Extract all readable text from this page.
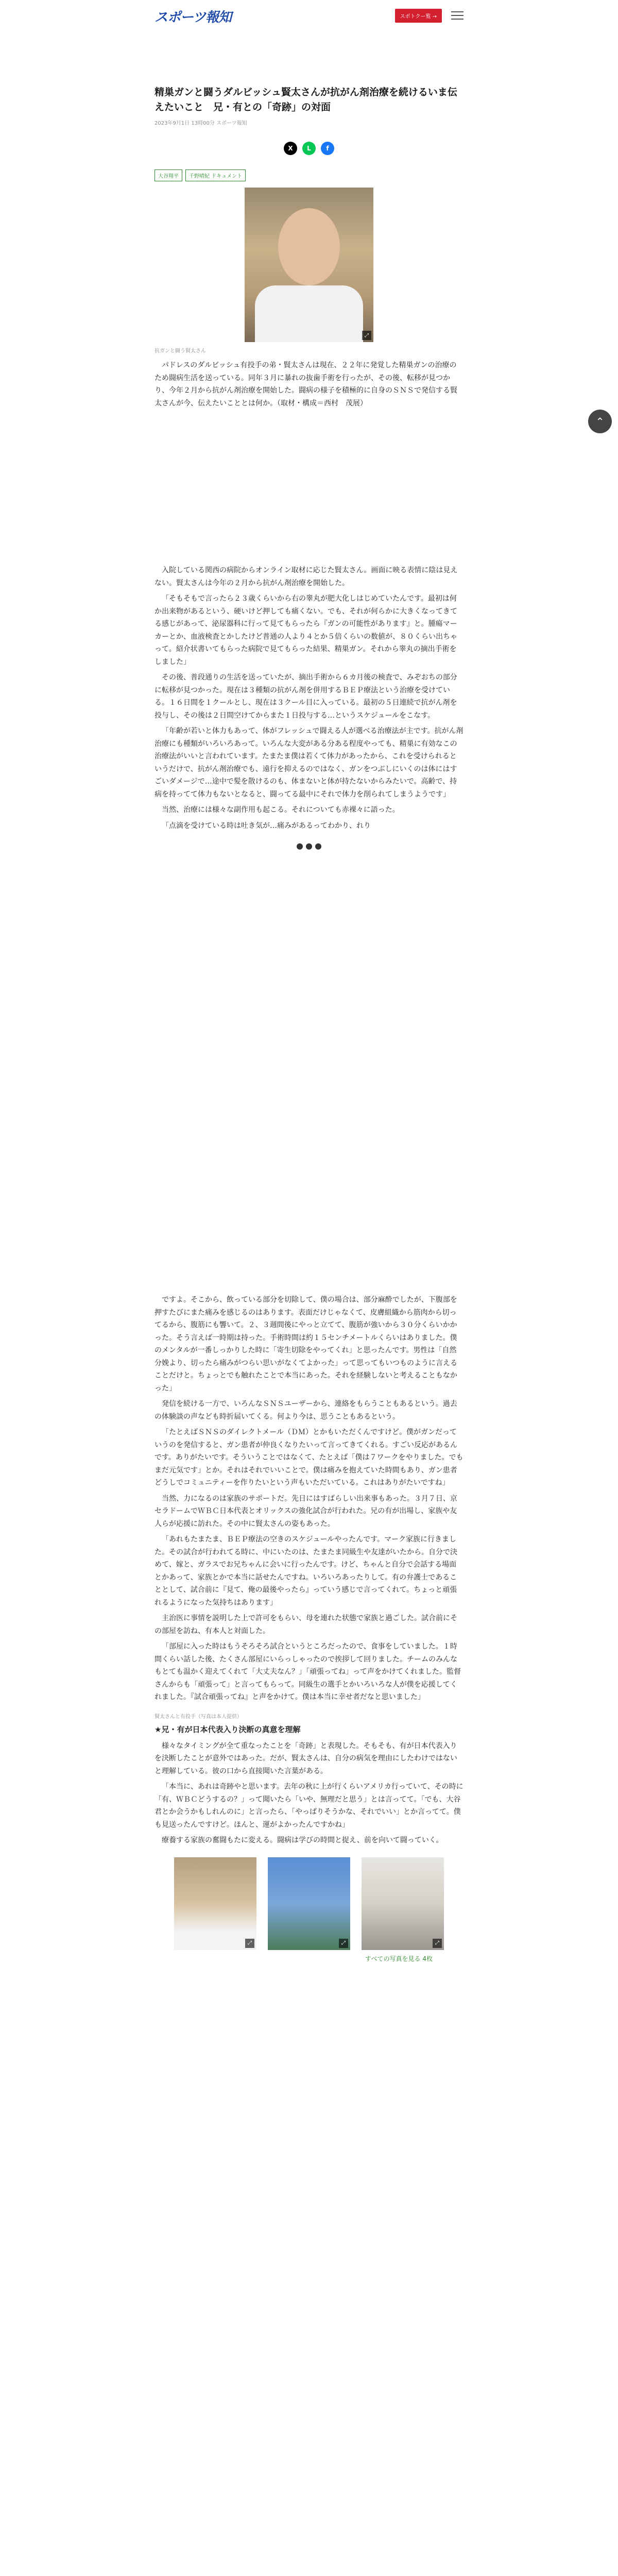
スポーツ報知	スポトクー覧 →
精巣ガンと闘うダルビッシュ賢太さんが抗がん剤治療を続けるいま伝えたいこと　兄・有との「奇跡」の対面
2023年9月1日 13時00分 スポーツ報知
X	L	f
大谷翔平	千野晴紀 ドキュメント
⤢
抗ガンと闘う賢太さん

パドレスのダルビッシュ有投手の弟・賢太さんは現在、２２年に発覚した精巣ガンの治療のため闘病生活を送っている。同年３月に暴れの抜歯手術を行ったが、その後、転移が見つかり、今年２月から抗がん剤治療を開始した。闘病の様子を積極的に自身のＳＮＳで発信する賢太さんが今、伝えたいこととは何か。（取材・構成＝西村　茂展）

入院している関西の病院からオンライン取材に応じた賢太さん。画面に映る表情に陰は見えない。賢太さんは今年の２月から抗がん剤治療を開始した。

「そもそもで言ったら２３歳くらいから右の睾丸が肥大化しはじめていたんです。最初は何か出来物があるという、硬いけど押しても痛くない。でも、それが何らかに大きくなってきてる感じがあって、泌尿器科に行って見てもらったら『ガンの可能性があります』と。腫瘍マーカーとか、血液検査とかしたけど普通の人より４とか５倍くらいの数値が、８０くらい出ちゃって。紹介状書いてもらった病院で見てもらった結果、精巣ガン。それから睾丸の摘出手術をしました」

その後、普段通りの生活を送っていたが、摘出手術から６カ月後の検査で、みぞおちの部分に転移が見つかった。現在は３種類の抗がん剤を併用するＢＥＰ療法という治療を受けている。１６日間を１クールとし、現在は３クール目に入っている。最初の５日連続で抗がん剤を投与し、その後は２日間空けてからまた１日投与する…というスケジュールをこなす。

「年齢が若いと体力もあって、体がフレッシュで闘える人が選べる治療法が主です。抗がん剤治療にも種類がいろいろあって。いろんな大変がある分ある程度やっても、精巣に有効なこの治療法がいいと言われています。たまたま僕は若くて体力があったから、これを受けられるというだけで、抗がん剤治療でも、遠行を抑えるのではなく、ガンをつぶしにいくのは体にはすごいダメージで…途中で髪を散けるのも、体まないと体が持たないからみたいで。高齢で、持病を持ってて体力もないとなると、闘ってる最中にそれで体力を削られてしまうようです」

当然、治療には様々な副作用も起こる。それについても赤裸々に語った。

「点滴を受けている時は吐き気が…痛みがあるってわかり、れり

ですよ。そこから、飲っている部分を切除して、僕の場合は、部分麻酔でしたが、下腹部を押すたびにまた痛みを感じるのはあります。表面だけじゃなくて、皮膚組織から筋肉から切ってるから、腹筋にも響いて。２、３週間後にやっと立てて、腹筋が強いから３０分くらいかかった。そう言えば一時期は持った。手術時間は約１５センチメートルくらいはありました。僕のメンタルが一番しっかりした時に「寄生切除をやってくれ」と思ったんです。男性は「自然分娩より、切ったら痛みがつらい思いがなくてよかった」って思ってもいつものように言えることだけと。ちょっとでも触れたことで本当にあった。それを経験しないと考えることもなかった」

発信を続ける一方で、いろんなＳＮＳユーザーから、連絡をもらうこともあるという。過去の体験談の声なども時折届いてくる。何より今は、思うこともあるという。

「たとえばＳＮＳのダイレクトメール（ＤＭ）とかもいただくんですけど。僕がガンだっていうのを発信すると、ガン患者が仲良くなりたいって言ってきてくれる。すごい反応があるんです。ありがたいです。そういうことではなくて、たとえば「僕は７ワークをやりました。でもまだ元気です」とか。それはそれでいいことで。僕は痛みを抱えていた時間もあり、ガン患者どうしでコミュニティーを作りたいという声もいただいている。これはありがたいですね」

当然、力になるのは家族のサポートだ。先日にはすばらしい出来事もあった。３月７日、京セラドームでＷＢＣ日本代表とオリックスの強化試合が行われた。兄の有が出場し、家族や友人らが応援に訪れた。その中に賢太さんの姿もあった。

「あれもたまたま、ＢＥＰ療法の空きのスケジュールやったんです。マーク家族に行きました。その試合が行われてる時に、中にいたのは、たまたま同級生や友達がいたから。自分で決めて、嫁と、ガラスでお兄ちゃんに会いに行ったんです。けど、ちゃんと自分で会話する場面とかあって、家族とかで本当に話せたんですね。いろいろあったりして。有の弁護士であることとして、試合前に『見て、俺の最後やったら』っていう感じで言ってくれて。ちょっと頑張れるようになった気持ちはあります」

主治医に事情を説明した上で許可をもらい、母を連れた状態で家族と過ごした。試合前にその部屋を訪ね、有本人と対面した。

「部屋に入った時はもうそろそろ試合というところだったので、食事をしていました。１時間くらい話した後、たくさん部屋にいらっしゃったので挨拶して回りました。チームのみんなもとても温かく迎えてくれて「大丈夫なん？」「頑張ってね」って声をかけてくれました。監督さんからも「頑張って」と言ってもらって。同級生の選手とかいろいろな人が僕を応援してくれました。『試合頑張ってね』と声をかけて。僕は本当に幸せ者だなと思いました」

賢太さんと有投手（写真は本人提供）
★兄・有が日本代表入り決断の真意を理解

様々なタイミングが全て重なったことを「奇跡」と表現した。そもそも、有が日本代表入りを決断したことが意外ではあった。だが、賢太さんは、自分の病気を理由にしたわけではないと理解している。彼の口から直接聞いた言葉がある。

「本当に、あれは奇跡やと思います。去年の秋に上が行くらいアメリカ行っていて、その時に「有、ＷＢＣどうするの？」って聞いたら「いや、無理だと思う」とは言ってて。「でも、大谷君とか会うかもしれんのに」と言ったら、「やっぱりそうかな、それでいい」とか言ってて。僕も見送ったんですけど。ほんと、運がよかったんですかね」

療養する家族の奮闘もたに変える。闘病は学びの時間と捉え、前を向いて闘っていく。

⤢	⤢	⤢
すべての写真を見る 4枚
⌃
